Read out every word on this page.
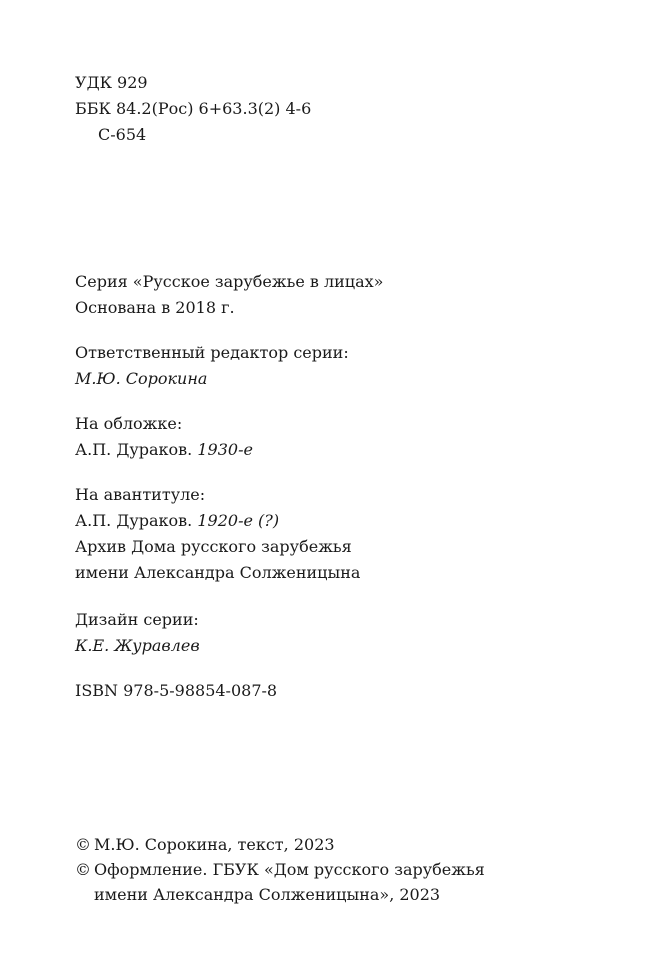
УДК 929
ББК 84.2(Рос) 6+63.3(2) 4-6
С-654
Серия «Русское зарубежье в лицах»
Основана в 2018 г.
Ответственный редактор серии:
М.Ю. Сорокина
На обложке:
А.П. Дураков. 1930-е
На авантитуле:
А.П. Дураков. 1920-е (?)
Архив Дома русского зарубежья
имени Александра Солженицына
Дизайн серии:
К.Е. Журавлев
ISBN 978-5-98854-087-8
© М.Ю. Сорокина, текст, 2023
© Оформление. ГБУК «Дом русского зарубежья
имени Александра Солженицына», 2023
